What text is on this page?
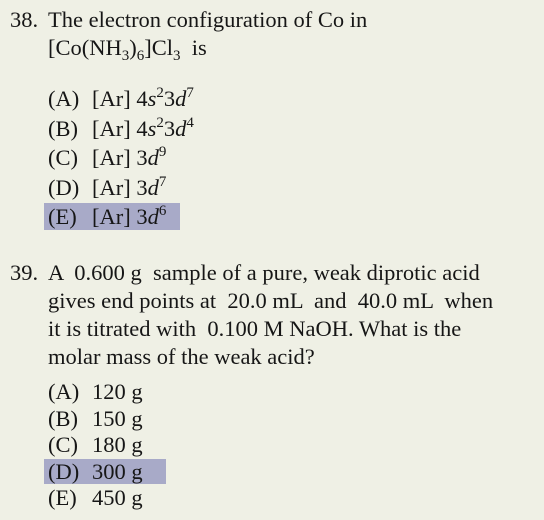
38. The electron configuration of Co in
$[Co(NH_3)_6]Cl_3$  is
(A) [Ar] $4s^23d^7$
(B) [Ar] $4s^23d^4$
(C) [Ar] $3d^9$
(D) [Ar] $3d^7$
(E) [Ar] $3d^6$
39. A  0.600 g  sample of a pure, weak diprotic acid
gives end points at  20.0 mL  and  40.0 mL  when
it is titrated with  0.100 M NaOH. What is the
molar mass of the weak acid?
(A) 120 g
(B) 150 g
(C) 180 g
(D) 300 g
(E) 450 g
